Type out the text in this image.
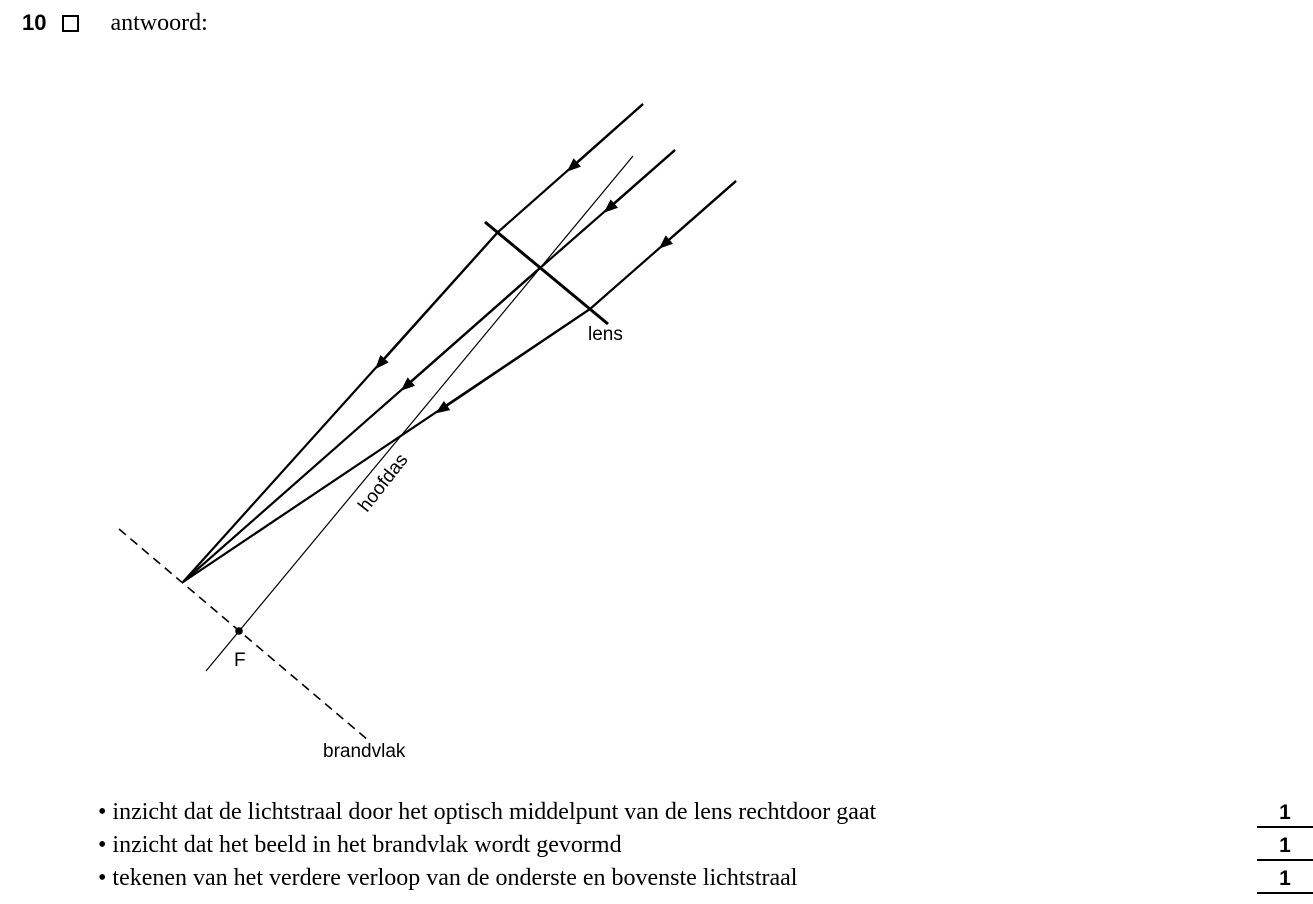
10	antwoord:
lens
hoofdas
F
brandvlak
• inzicht dat de lichtstraal door het optisch middelpunt van de lens rechtdoor gaat	1
• inzicht dat het beeld in het brandvlak wordt gevormd	1
• tekenen van het verdere verloop van de onderste en bovenste lichtstraal	1
